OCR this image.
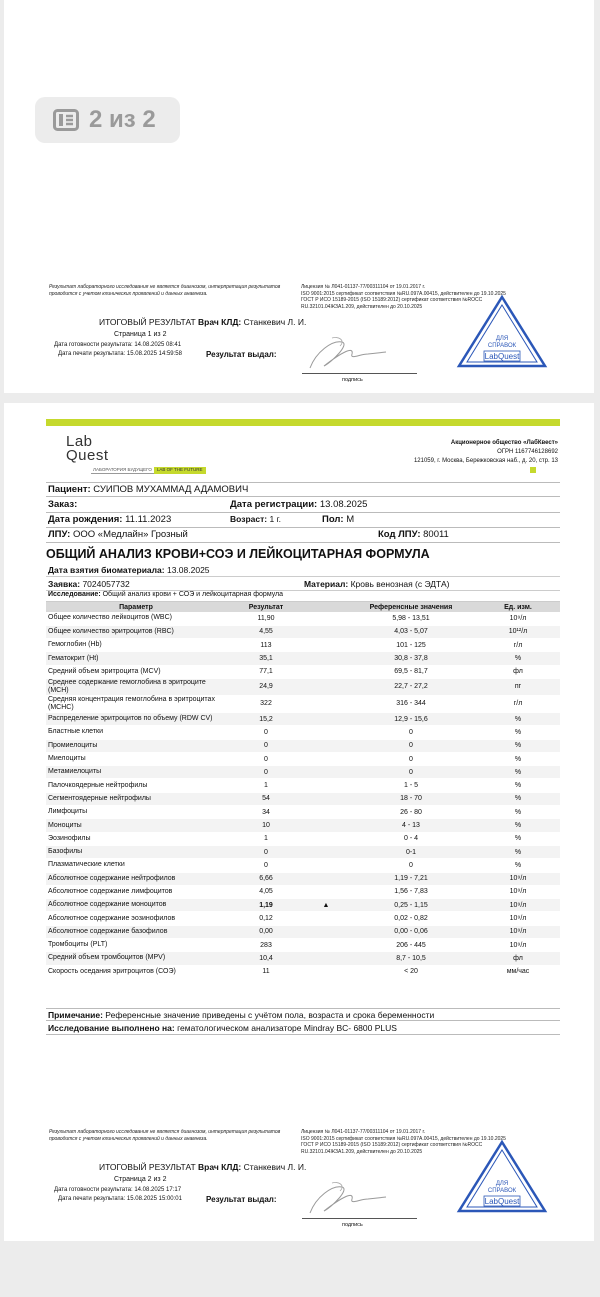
2 из 2
Результат лабораторного исследования не является диагнозом, интерпретация результатов проводится с учетом клинических проявлений и данных анамнеза.
Лицензия № Л041-01137-77/00311104 от 19.01.2017 г.
ISO 9001:2015 сертификат соответствия №RU.097А.00415, действителен до 19.10.2025
ГОСТ Р ИСО 15189-2015 (ISO 15189:2012) сертификат соответствия №ROCC
RU.32101.04ЖЗА1.209, действителен до 20.10.2025
ИТОГОВЫЙ РЕЗУЛЬТАТ Врач КЛД: Станкевич Л. И.
Страница 1 из 2
Дата готовности результата: 14.08.2025 08:41
Дата печати результата: 15.08.2025 14:59:58	Результат выдал:
подпись
ДЛЯ
СПРАВОК
LabQuest
Lab
Quest
ЛАБОРАТОРИЯ БУДУЩЕГО	LAB OF THE FUTURE
Акционерное общество «ЛабКвест»
ОГРН 1167746128692
121059, г. Москва, Бережковская наб., д. 20, стр. 13
Пациент: СУИПОВ МУХАММАД АДАМОВИЧ
Заказ:	Дата регистрации: 13.08.2025
Дата рождения: 11.11.2023	Возраст: 1 г.	Пол: М
ЛПУ: ООО «Медлайн» Грозный	Код ЛПУ: 80011
ОБЩИЙ АНАЛИЗ КРОВИ+СОЭ И ЛЕЙКОЦИТАРНАЯ ФОРМУЛА
Дата взятия биоматериала: 13.08.2025
Заявка: 7024057732	Материал: Кровь венозная (с ЭДТА)
Исследование: Общий анализ крови + СОЭ и лейкоцитарная формула
Параметр	Результат		Референсные значения	Ед. изм.
Общее количество лейкоцитов (WBC)	11,90		5,98 - 13,51	10⁹/л
Общее количество эритроцитов (RBC)	4,55		4,03 - 5,07	10¹²/л
Гемоглобин (Hb)	113		101 - 125	г/л
Гематокрит (Ht)	35,1		30,8 - 37,8	%
Средний объем эритроцита (MCV)	77,1		69,5 - 81,7	фл
Среднее содержание гемоглобина в эритроците (MCH)	24,9		22,7 - 27,2	пг
Средняя концентрация гемоглобина в эритроцитах (MCHC)	322		316 - 344	г/л
Распределение эритроцитов по объему (RDW CV)	15,2		12,9 - 15,6	%
Бластные клетки	0		0	%
Промиелоциты	0		0	%
Миелоциты	0		0	%
Метамиелоциты	0		0	%
Палочкоядерные нейтрофилы	1		1 - 5	%
Сегментоядерные нейтрофилы	54		18 - 70	%
Лимфоциты	34		26 - 80	%
Моноциты	10		4 - 13	%
Эозинофилы	1		0 - 4	%
Базофилы	0		0-1	%
Плазматические клетки	0		0	%
Абсолютное содержание нейтрофилов	6,66		1,19 - 7,21	10⁹/л
Абсолютное содержание лимфоцитов	4,05		1,56 - 7,83	10⁹/л
Абсолютное содержание моноцитов	1,19	▲	0,25 - 1,15	10⁹/л
Абсолютное содержание эозинофилов	0,12		0,02 - 0,82	10⁹/л
Абсолютное содержание базофилов	0,00		0,00 - 0,06	10⁹/л
Тромбоциты (PLT)	283		206 - 445	10⁹/л
Средний объем тромбоцитов (MPV)	10,4		8,7 - 10,5	фл
Скорость оседания эритроцитов (СОЭ)	11		< 20	мм/час
Примечание: Референсные значение приведены с учётом пола, возраста и срока беременности
Исследование выполнено на: гематологическом анализаторе Mindray BC- 6800 PLUS
Результат лабораторного исследования не является диагнозом, интерпретация результатов проводится с учетом клинических проявлений и данных анамнеза.
Лицензия № Л041-01137-77/00311104 от 19.01.2017 г.
ISO 9001:2015 сертификат соответствия №RU.097А.00415, действителен до 19.10.2025
ГОСТ Р ИСО 15189-2015 (ISO 15189:2012) сертификат соответствия №ROCC
RU.32101.04ЖЗА1.209, действителен до 20.10.2025
ИТОГОВЫЙ РЕЗУЛЬТАТ Врач КЛД: Станкевич Л. И.
Страница 2 из 2
Дата готовности результата: 14.08.2025 17:17
Дата печати результата: 15.08.2025 15:00:01	Результат выдал:
подпись
ДЛЯ
СПРАВОК
LabQuest
